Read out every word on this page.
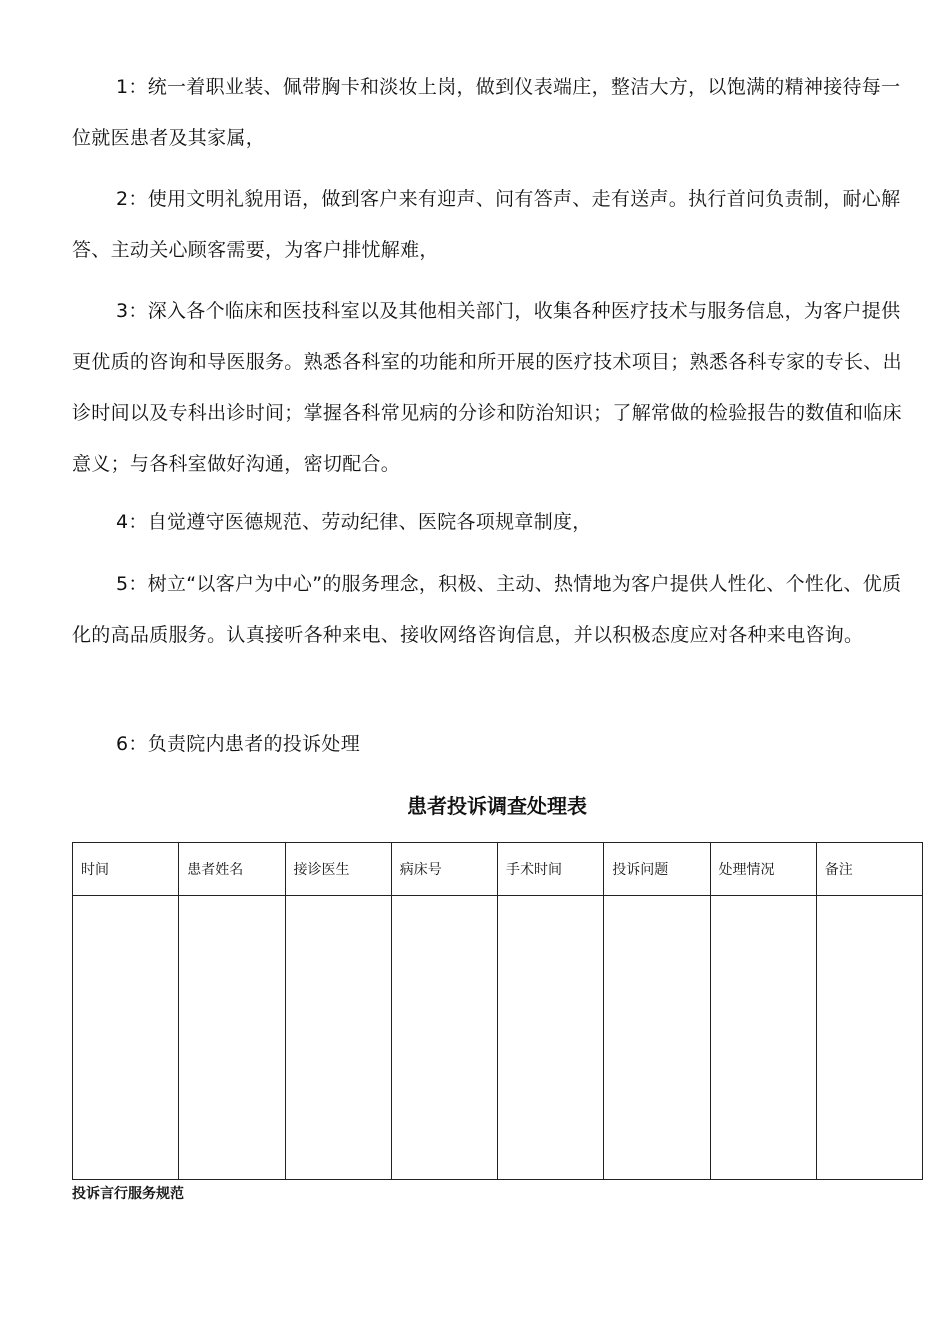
1：统一着职业装、佩带胸卡和淡妆上岗，做到仪表端庄，整洁大方，以饱满的精神接待每一位就医患者及其家属，

2：使用文明礼貌用语，做到客户来有迎声、问有答声、走有送声。执行首问负责制，耐心解答、主动关心顾客需要，为客户排忧解难，

3：深入各个临床和医技科室以及其他相关部门，收集各种医疗技术与服务信息，为客户提供更优质的咨询和导医服务。熟悉各科室的功能和所开展的医疗技术项目；熟悉各科专家的专长、出诊时间以及专科出诊时间；掌握各科常见病的分诊和防治知识；了解常做的检验报告的数值和临床意义；与各科室做好沟通，密切配合。

4：自觉遵守医德规范、劳动纪律、医院各项规章制度，

5：树立“以客户为中心”的服务理念，积极、主动、热情地为客户提供人性化、个性化、优质化的高品质服务。认真接听各种来电、接收网络咨询信息，并以积极态度应对各种来电咨询。

6：负责院内患者的投诉处理

患者投诉调查处理表
时间	患者姓名	接诊医生	病床号	手术时间	投诉问题	处理情况	备注

投诉言行服务规范
